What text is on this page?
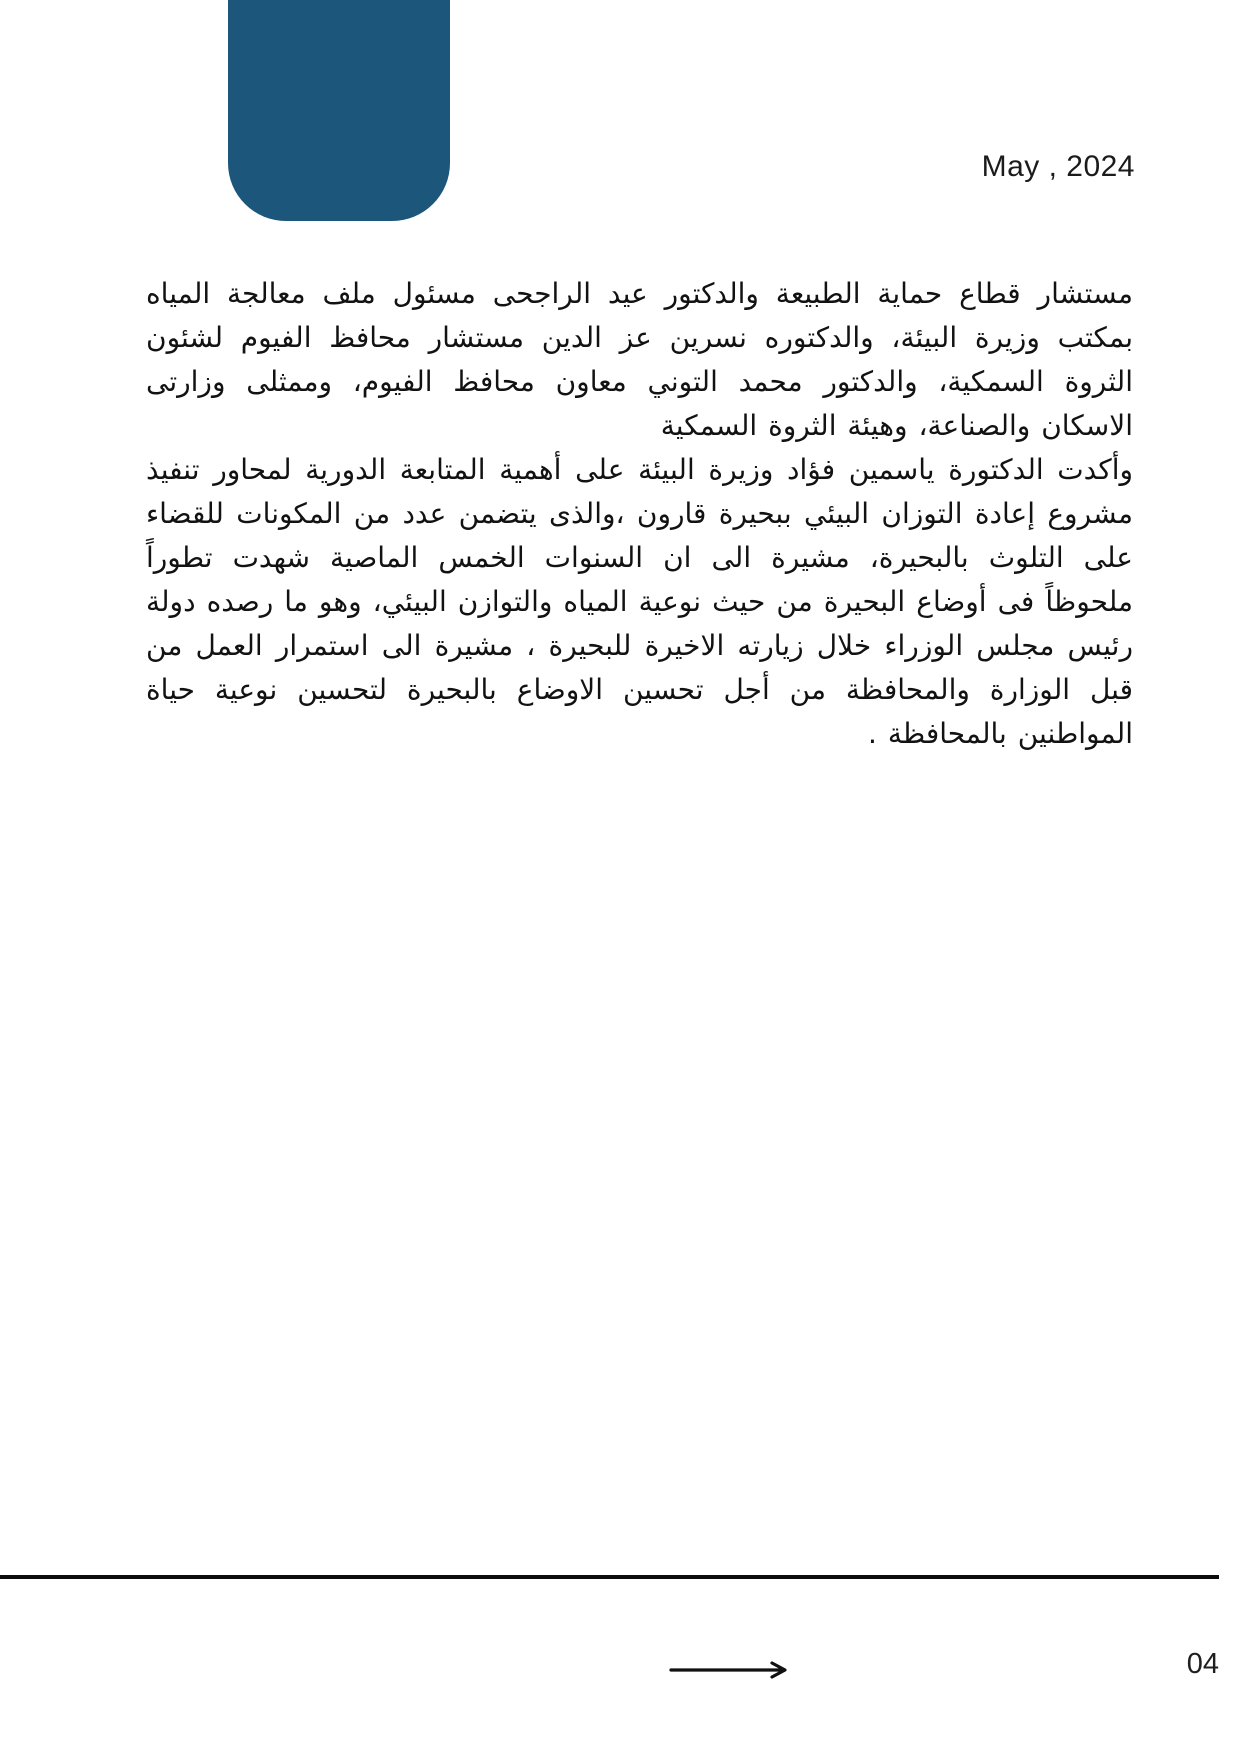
May , 2024

مستشار قطاع حماية الطبيعة والدكتور عيد الراجحى مسئول ملف معالجة المياه بمكتب وزيرة البيئة، والدكتوره نسرين عز الدين مستشار محافظ الفيوم لشئون الثروة السمكية، والدكتور محمد التوني معاون محافظ الفيوم، وممثلى وزارتى الاسكان والصناعة، وهيئة الثروة السمكية

وأكدت الدكتورة ياسمين فؤاد وزيرة البيئة على أهمية المتابعة الدورية لمحاور تنفيذ مشروع إعادة التوزان البيئي ببحيرة قارون ،والذى يتضمن عدد من المكونات للقضاء على التلوث بالبحيرة، مشيرة الى ان السنوات الخمس الماصية شهدت تطوراً ملحوظاً فى أوضاع البحيرة من حيث نوعية المياه والتوازن البيئي، وهو ما رصده دولة رئيس مجلس الوزراء خلال زيارته الاخيرة للبحيرة ، مشيرة الى استمرار العمل من قبل الوزارة والمحافظة من أجل تحسين الاوضاع بالبحيرة لتحسين نوعية حياة المواطنين بالمحافظة .

04
